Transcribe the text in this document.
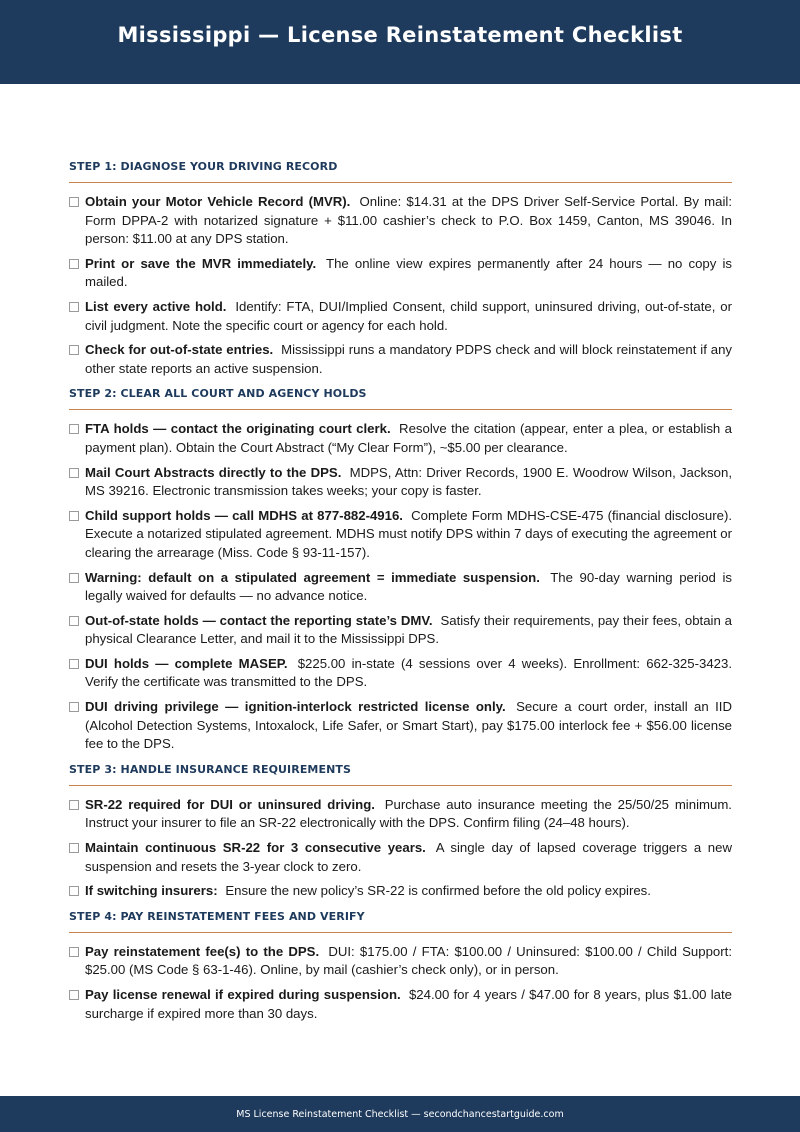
Mississippi — License Reinstatement Checklist
STEP 1: DIAGNOSE YOUR DRIVING RECORD
Obtain your Motor Vehicle Record (MVR). Online: $14.31 at the DPS Driver Self-Service Portal. By mail: Form DPPA-2 with notarized signature + $11.00 cashier’s check to P.O. Box 1459, Canton, MS 39046. In person: $11.00 at any DPS station.
Print or save the MVR immediately. The online view expires permanently after 24 hours — no copy is mailed.
List every active hold. Identify: FTA, DUI/Implied Consent, child support, uninsured driving, out-of-state, or civil judgment. Note the specific court or agency for each hold.
Check for out-of-state entries. Mississippi runs a mandatory PDPS check and will block reinstatement if any other state reports an active suspension.
STEP 2: CLEAR ALL COURT AND AGENCY HOLDS
FTA holds — contact the originating court clerk. Resolve the citation (appear, enter a plea, or establish a payment plan). Obtain the Court Abstract (“My Clear Form”), ~$5.00 per clearance.
Mail Court Abstracts directly to the DPS. MDPS, Attn: Driver Records, 1900 E. Woodrow Wilson, Jackson, MS 39216. Electronic transmission takes weeks; your copy is faster.
Child support holds — call MDHS at 877-882-4916. Complete Form MDHS-CSE-475 (financial disclosure). Execute a notarized stipulated agreement. MDHS must notify DPS within 7 days of executing the agreement or clearing the arrearage (Miss. Code § 93-11-157).
Warning: default on a stipulated agreement = immediate suspension. The 90-day warning period is legally waived for defaults — no advance notice.
Out-of-state holds — contact the reporting state’s DMV. Satisfy their requirements, pay their fees, obtain a physical Clearance Letter, and mail it to the Mississippi DPS.
DUI holds — complete MASEP. $225.00 in-state (4 sessions over 4 weeks). Enrollment: 662-325-3423. Verify the certificate was transmitted to the DPS.
DUI driving privilege — ignition-interlock restricted license only. Secure a court order, install an IID (Alcohol Detection Systems, Intoxalock, Life Safer, or Smart Start), pay $175.00 interlock fee + $56.00 license fee to the DPS.
STEP 3: HANDLE INSURANCE REQUIREMENTS
SR-22 required for DUI or uninsured driving. Purchase auto insurance meeting the 25/50/25 minimum. Instruct your insurer to file an SR-22 electronically with the DPS. Confirm filing (24–48 hours).
Maintain continuous SR-22 for 3 consecutive years. A single day of lapsed coverage triggers a new suspension and resets the 3-year clock to zero.
If switching insurers: Ensure the new policy’s SR-22 is confirmed before the old policy expires.
STEP 4: PAY REINSTATEMENT FEES AND VERIFY
Pay reinstatement fee(s) to the DPS. DUI: $175.00 / FTA: $100.00 / Uninsured: $100.00 / Child Support: $25.00 (MS Code § 63-1-46). Online, by mail (cashier’s check only), or in person.
Pay license renewal if expired during suspension. $24.00 for 4 years / $47.00 for 8 years, plus $1.00 late surcharge if expired more than 30 days.
MS License Reinstatement Checklist — secondchancestartguide.com
